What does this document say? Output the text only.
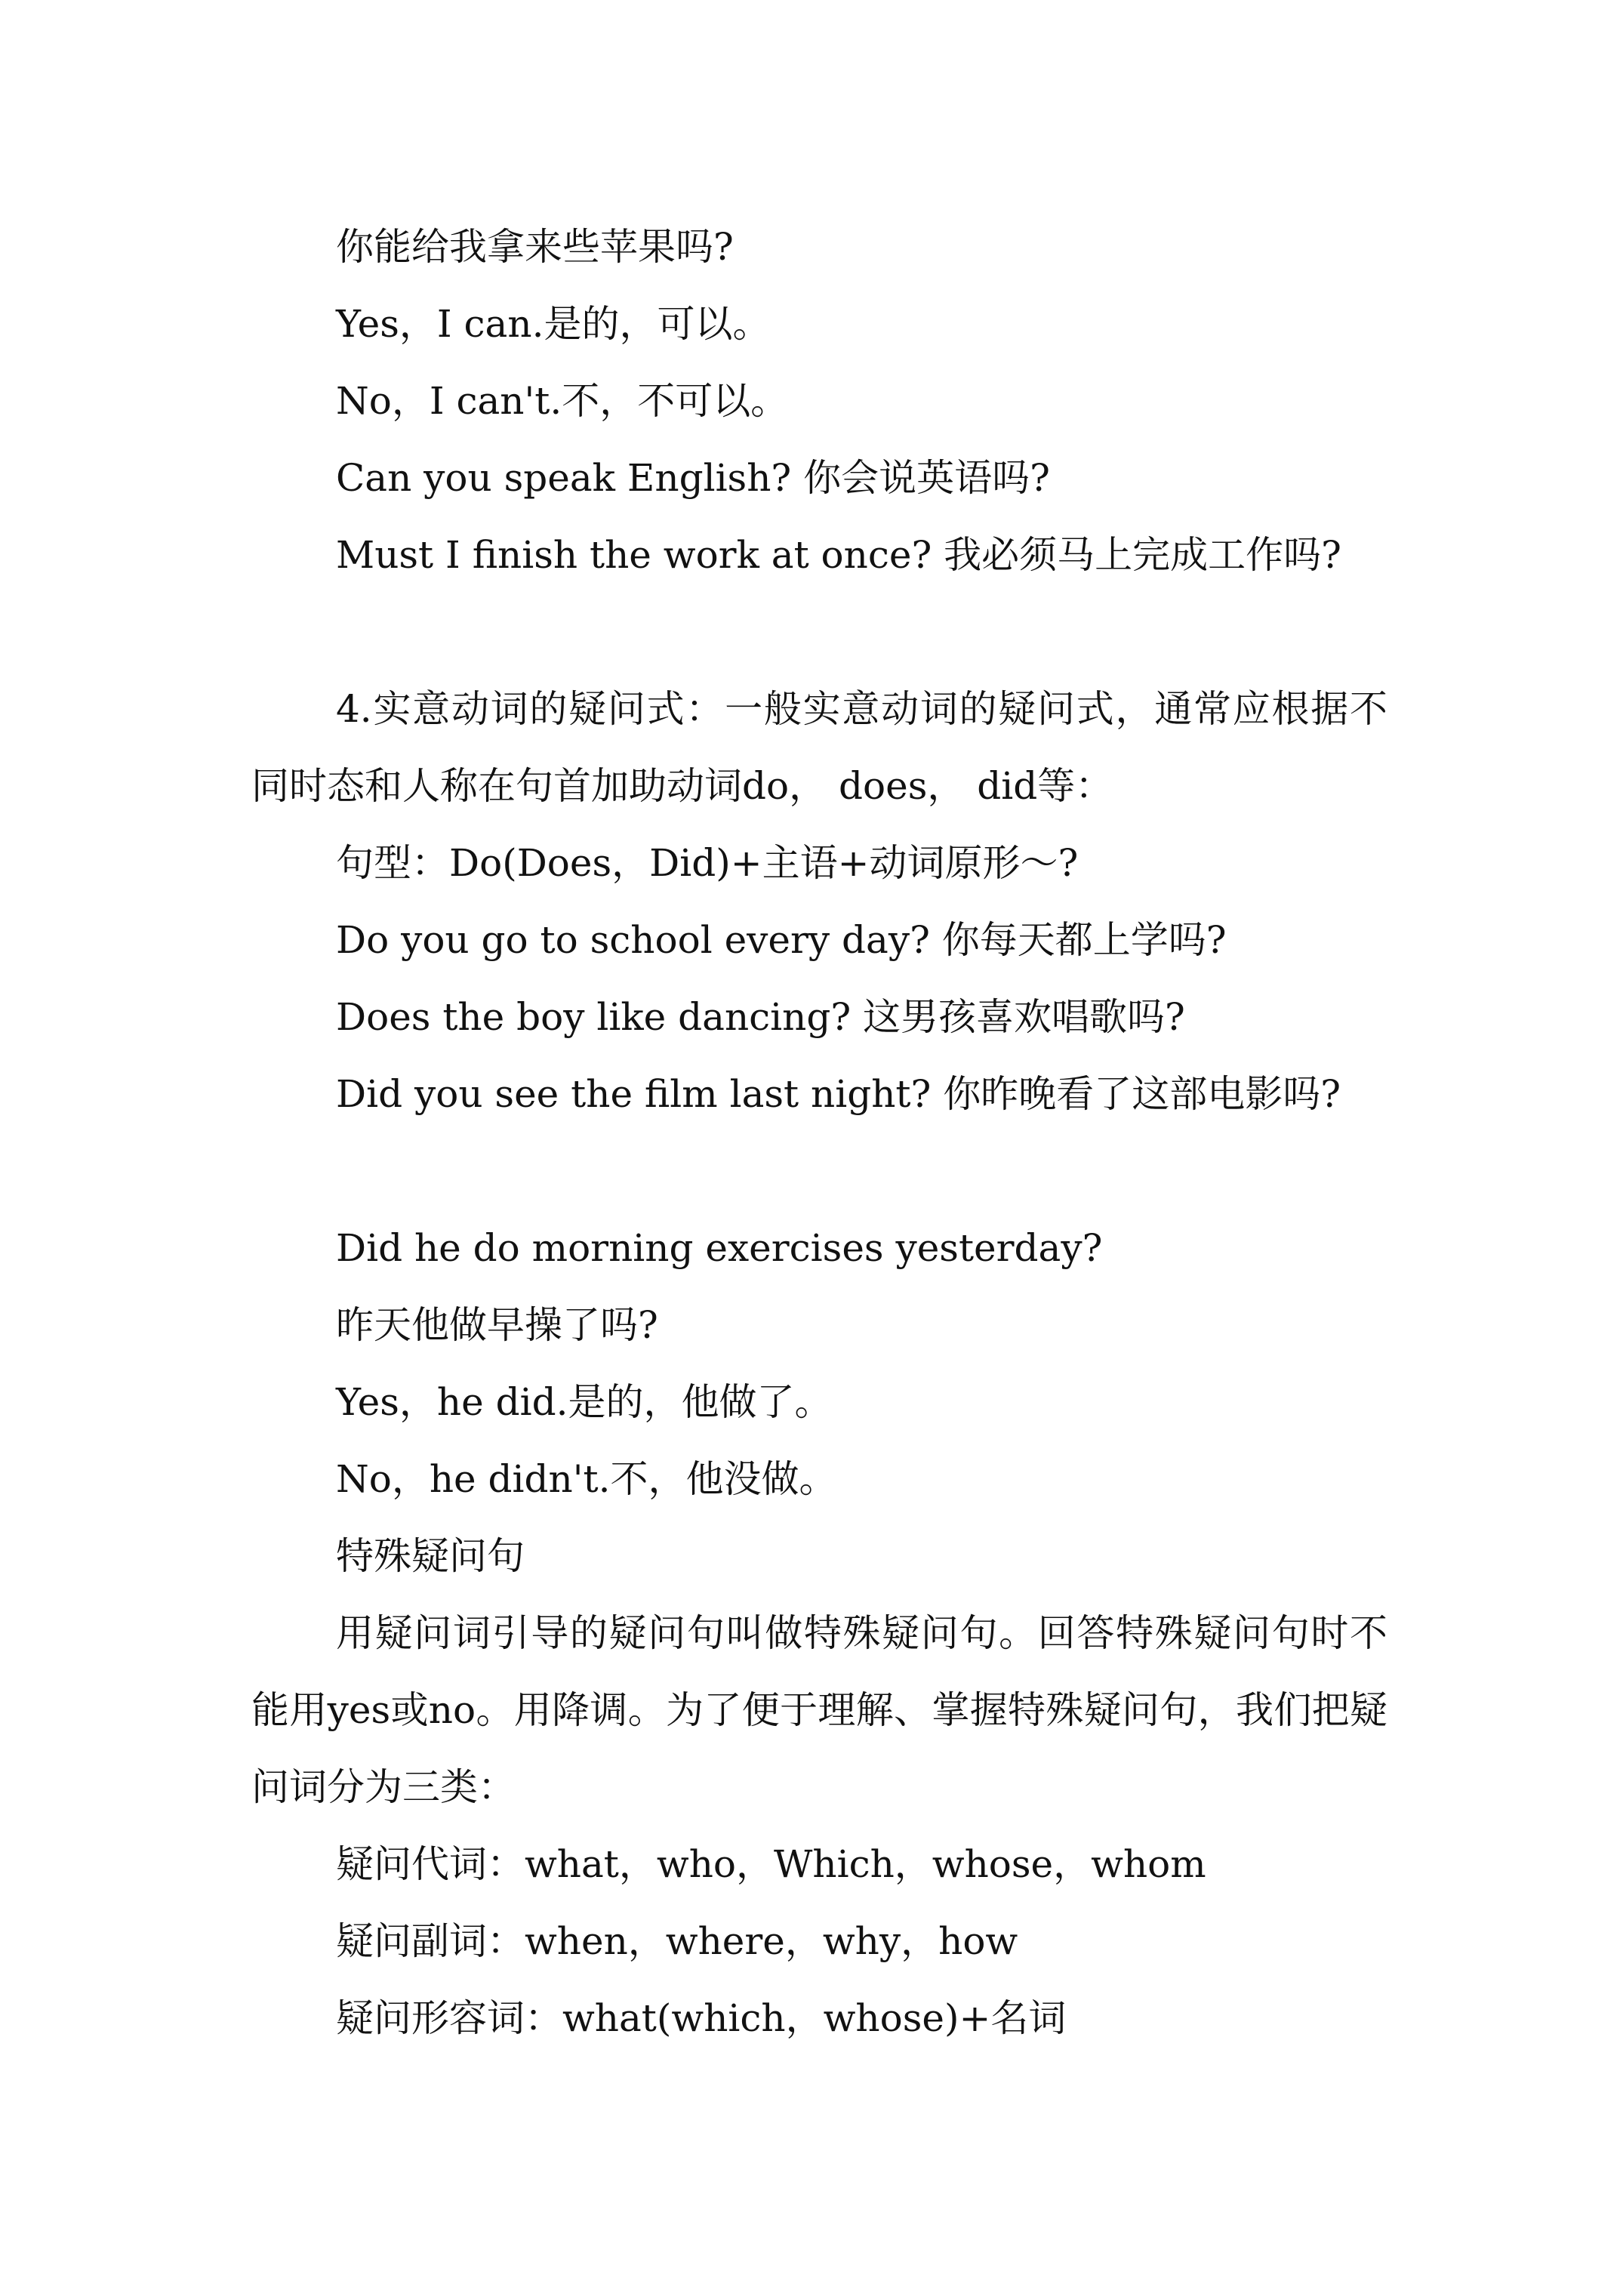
你能给我拿来些苹果吗?

Yes，I can.是的，可以。

No，I can't.不，不可以。

Can you speak English? 你会说英语吗?

Must I finish the work at once? 我必须马上完成工作吗?

4.实意动词的疑问式：一般实意动词的疑问式，通常应根据不同时态和人称在句首加助动词do， does， did等：

句型：Do(Does，Did)+主语+动词原形～?

Do you go to school every day? 你每天都上学吗?

Does the boy like dancing? 这男孩喜欢唱歌吗?

Did you see the film last night? 你昨晚看了这部电影吗?

Did he do morning exercises yesterday?

昨天他做早操了吗?

Yes，he did.是的，他做了。

No，he didn't.不，他没做。

特殊疑问句

用疑问词引导的疑问句叫做特殊疑问句。回答特殊疑问句时不能用yes或no。用降调。为了便于理解、掌握特殊疑问句，我们把疑问词分为三类：

疑问代词：what，who，Which，whose，whom

疑问副词：when，where，why，how

疑问形容词：what(which，whose)+名词
